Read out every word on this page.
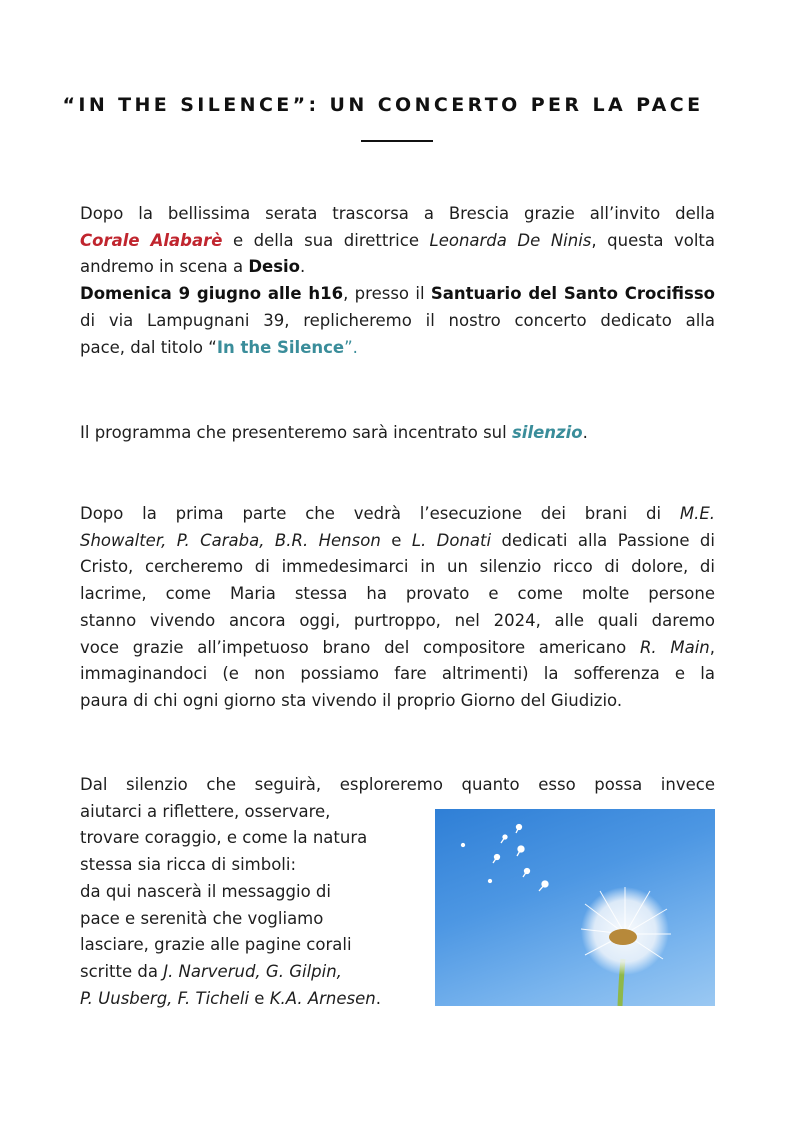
“IN THE SILENCE”: UN CONCERTO PER LA PACE
Dopo la bellissima serata trascorsa a Brescia grazie all’invito della
Corale Alabarè e della sua direttrice Leonarda De Ninis, questa volta
andremo in scena a Desio.
Domenica 9 giugno alle h16, presso il Santuario del Santo Crocifisso
di via Lampugnani 39, replicheremo il nostro concerto dedicato alla
pace, dal titolo “In the Silence”.
Il programma che presenteremo sarà incentrato sul silenzio.
Dopo la prima parte che vedrà l’esecuzione dei brani di M.E.
Showalter, P. Caraba, B.R. Henson e L. Donati dedicati alla Passione di
Cristo, cercheremo di immedesimarci in un silenzio ricco di dolore, di
lacrime, come Maria stessa ha provato e come molte persone
stanno vivendo ancora oggi, purtroppo, nel 2024, alle quali daremo
voce grazie all’impetuoso brano del compositore americano R. Main,
immaginandoci (e non possiamo fare altrimenti) la sofferenza e la
paura di chi ogni giorno sta vivendo il proprio Giorno del Giudizio.
Dal silenzio che seguirà, esploreremo quanto esso possa invece
aiutarci a riflettere, osservare,
trovare coraggio, e come la natura
stessa sia ricca di simboli:
da qui nascerà il messaggio di
pace e serenità che vogliamo
lasciare, grazie alle pagine corali
scritte da J. Narverud, G. Gilpin,
P. Uusberg, F. Ticheli e K.A. Arnesen.
